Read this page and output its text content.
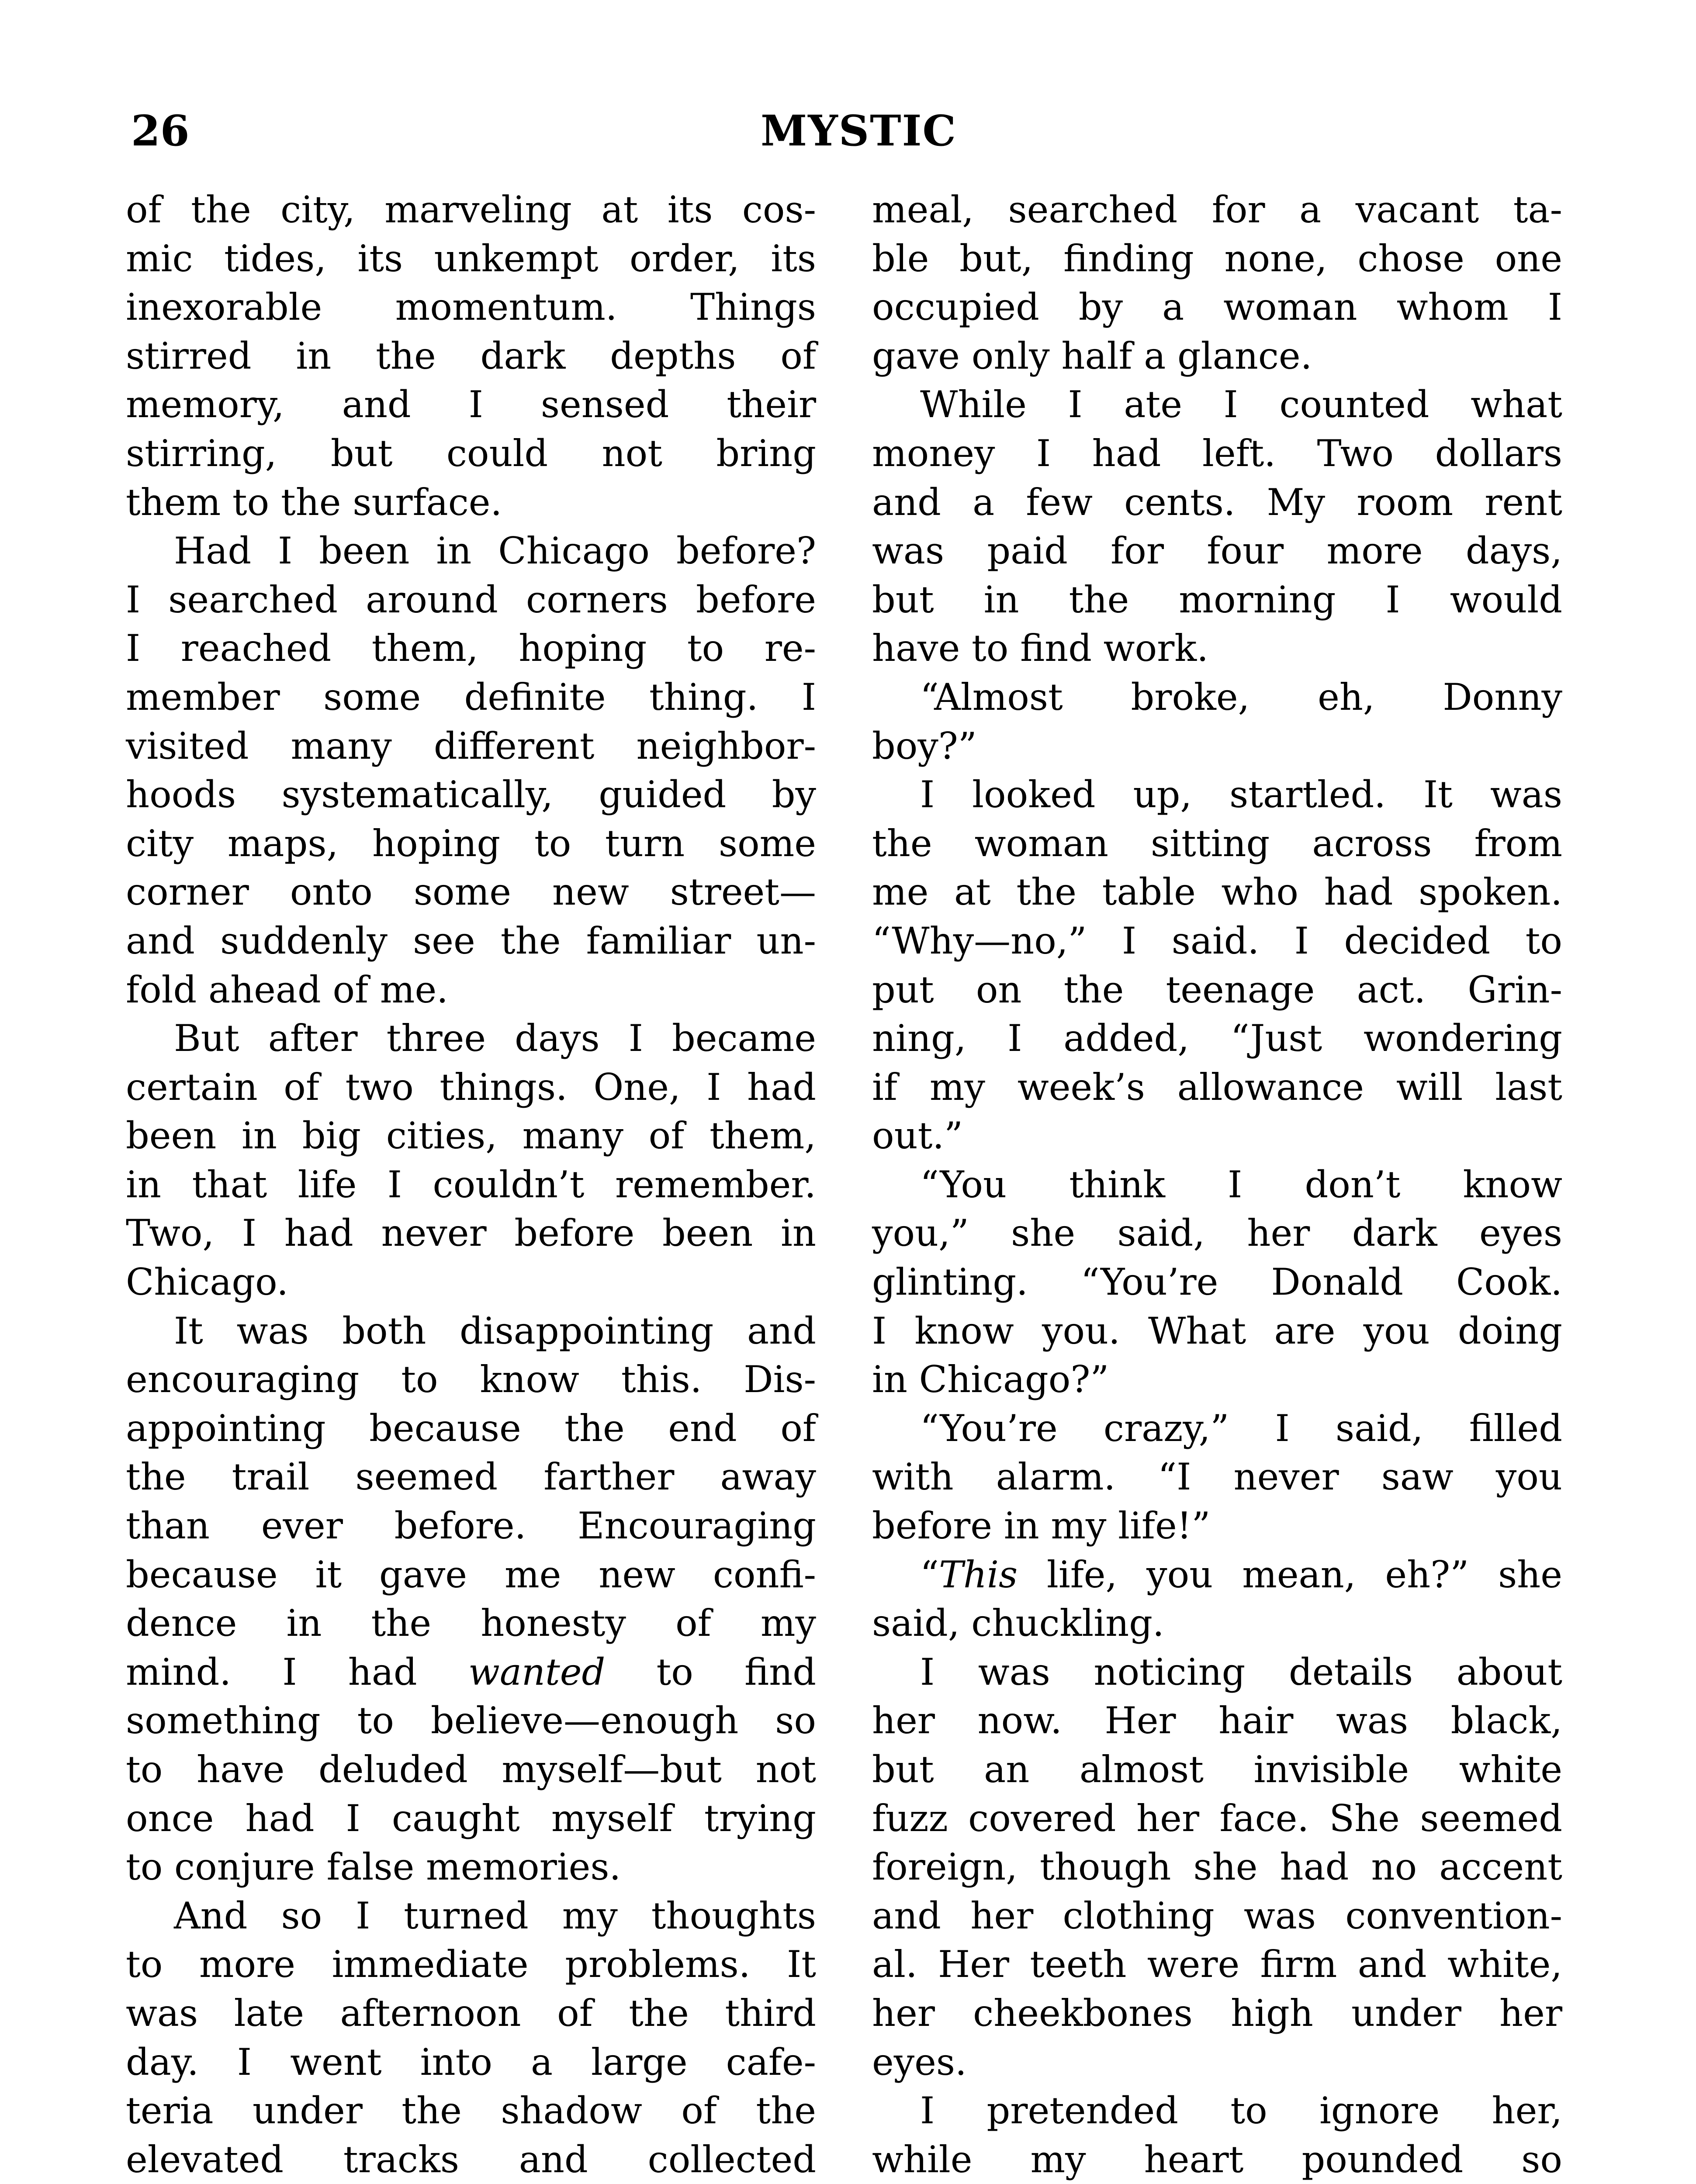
26	MYSTIC
of the city, marveling at its cos-
mic tides, its unkempt order, its
inexorable momentum. Things
stirred in the dark depths of
memory, and I sensed their
stirring, but could not bring
them to the surface.
Had I been in Chicago before?
I searched around corners before
I reached them, hoping to re-
member some definite thing. I
visited many different neighbor-
hoods systematically, guided by
city maps, hoping to turn some
corner onto some new street—
and suddenly see the familiar un-
fold ahead of me.
But after three days I became
certain of two things. One, I had
been in big cities, many of them,
in that life I couldn’t remember.
Two, I had never before been in
Chicago.
It was both disappointing and
encouraging to know this. Dis-
appointing because the end of
the trail seemed farther away
than ever before. Encouraging
because it gave me new confi-
dence in the honesty of my
mind. I had wanted to find
something to believe—enough so
to have deluded myself—but not
once had I caught myself trying
to conjure false memories.
And so I turned my thoughts
to more immediate problems. It
was late afternoon of the third
day. I went into a large cafe-
teria under the shadow of the
elevated tracks and collected
meal, searched for a vacant ta-
ble but, finding none, chose one
occupied by a woman whom I
gave only half a glance.
While I ate I counted what
money I had left. Two dollars
and a few cents. My room rent
was paid for four more days,
but in the morning I would
have to find work.
“Almost broke, eh, Donny
boy?”
I looked up, startled. It was
the woman sitting across from
me at the table who had spoken.
“Why—no,” I said. I decided to
put on the teenage act. Grin-
ning, I added, “Just wondering
if my week’s allowance will last
out.”
“You think I don’t know
you,” she said, her dark eyes
glinting. “You’re Donald Cook.
I know you. What are you doing
in Chicago?”
“You’re crazy,” I said, filled
with alarm. “I never saw you
before in my life!”
“This life, you mean, eh?” she
said, chuckling.
I was noticing details about
her now. Her hair was black,
but an almost invisible white
fuzz covered her face. She seemed
foreign, though she had no accent
and her clothing was convention-
al. Her teeth were firm and white,
her cheekbones high under her
eyes.
I pretended to ignore her,
while my heart pounded so
